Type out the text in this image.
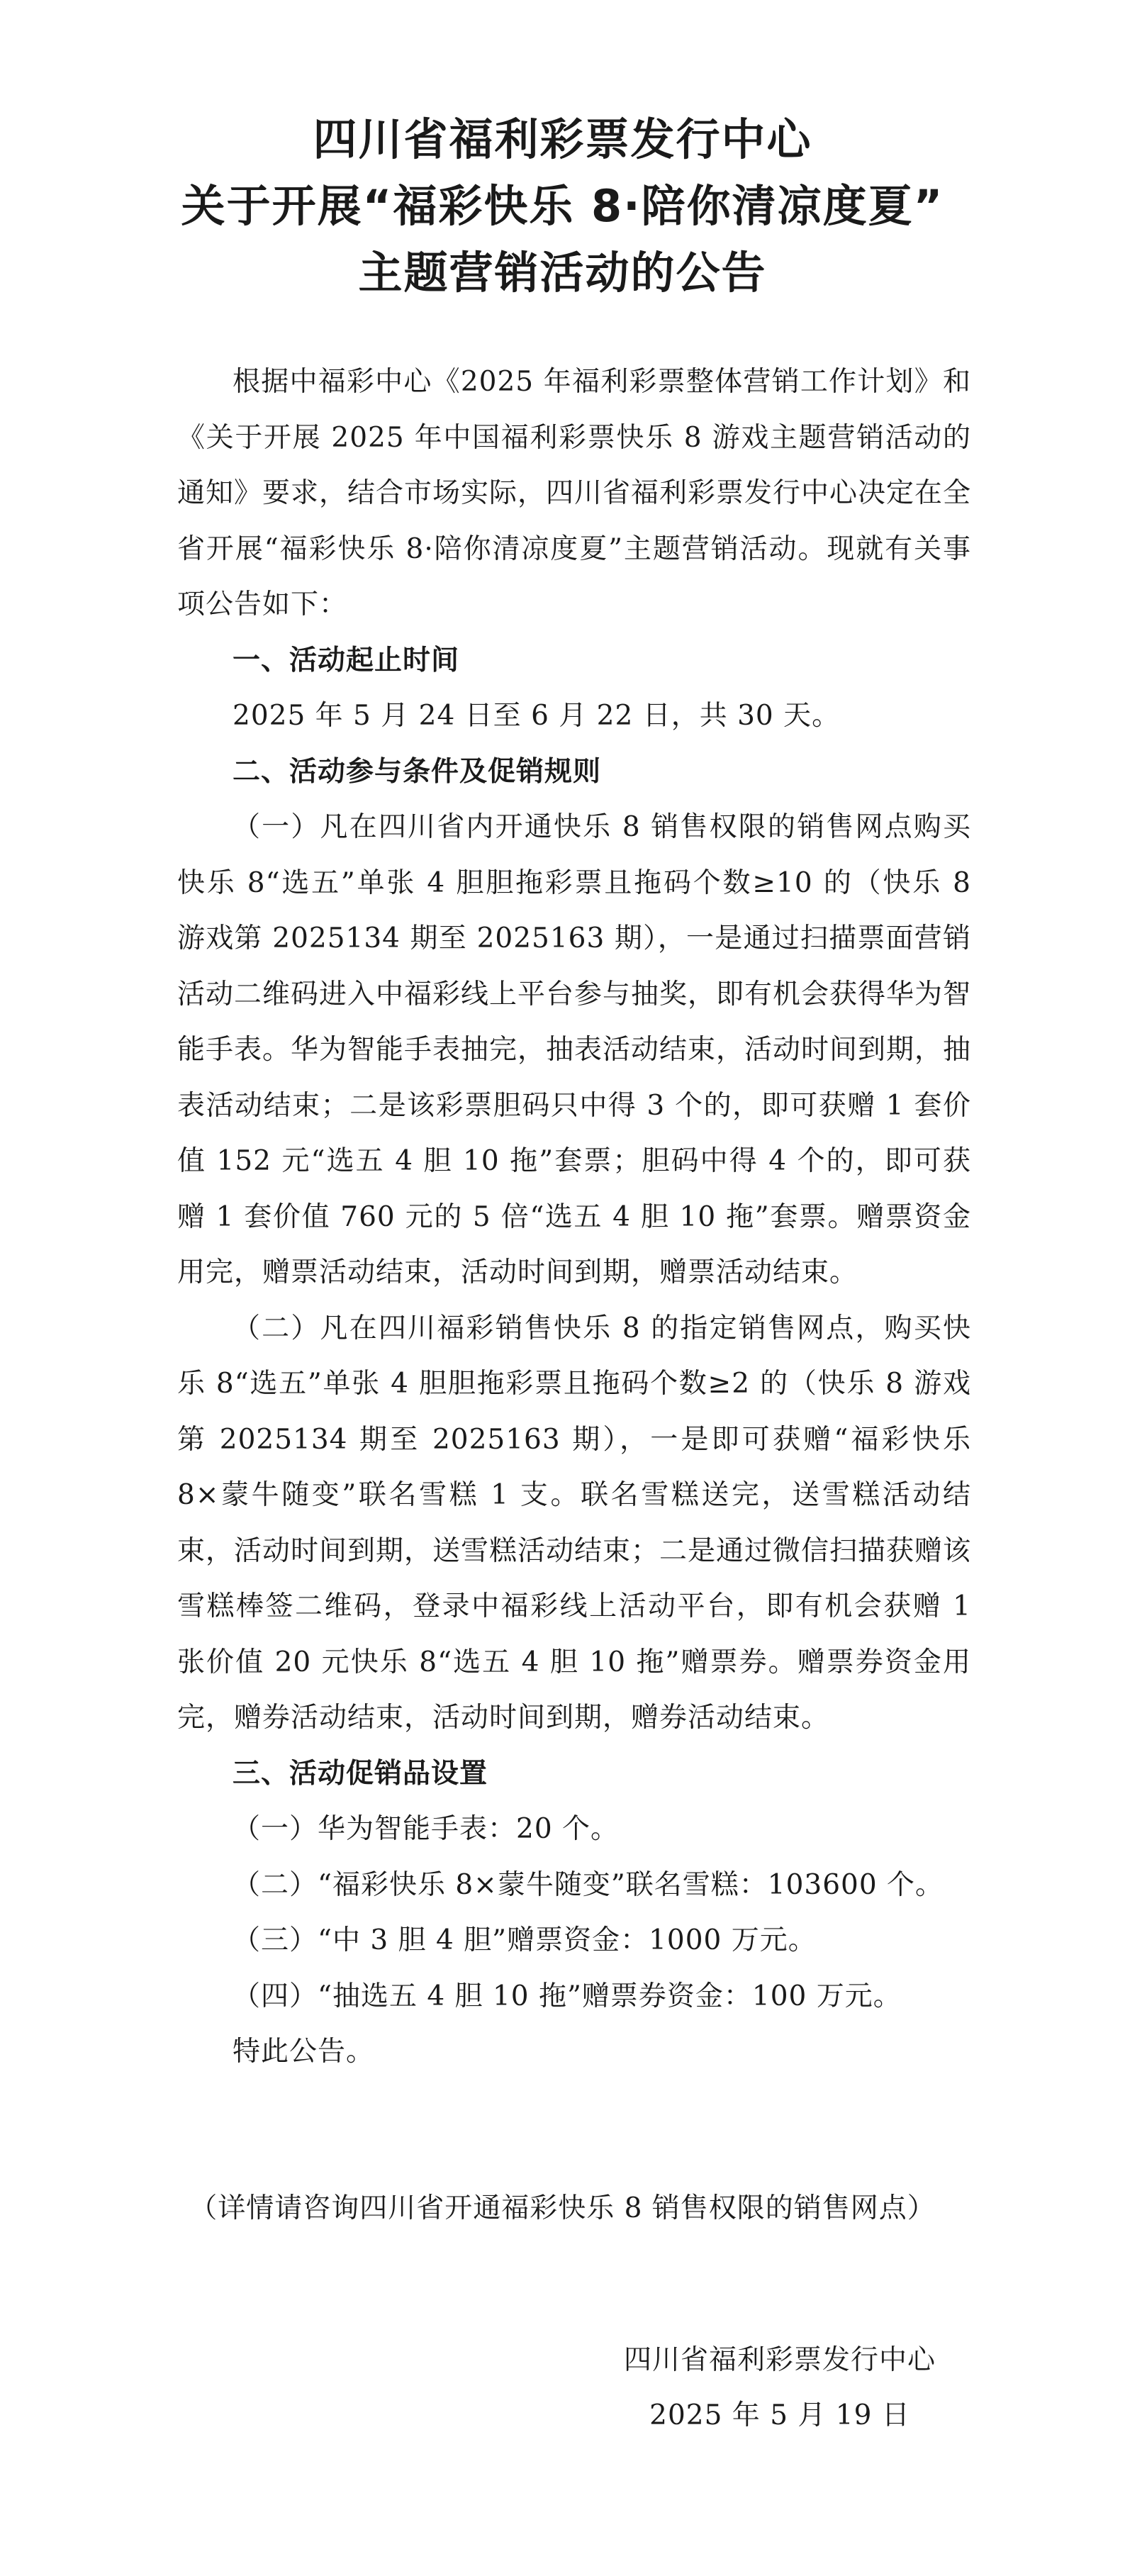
四川省福利彩票发行中心
关于开展“福彩快乐 8·陪你清凉度夏”
主题营销活动的公告

根据中福彩中心《2025 年福利彩票整体营销工作计划》和《关于开展 2025 年中国福利彩票快乐 8 游戏主题营销活动的通知》要求，结合市场实际，四川省福利彩票发行中心决定在全省开展“福彩快乐 8·陪你清凉度夏”主题营销活动。现就有关事项公告如下：

一、活动起止时间

2025 年 5 月 24 日至 6 月 22 日，共 30 天。

二、活动参与条件及促销规则

（一）凡在四川省内开通快乐 8 销售权限的销售网点购买快乐 8“选五”单张 4 胆胆拖彩票且拖码个数≥10 的（快乐 8 游戏第 2025134 期至 2025163 期），一是通过扫描票面营销活动二维码进入中福彩线上平台参与抽奖，即有机会获得华为智能手表。华为智能手表抽完，抽表活动结束，活动时间到期，抽表活动结束；二是该彩票胆码只中得 3 个的，即可获赠 1 套价值 152 元“选五 4 胆 10 拖”套票；胆码中得 4 个的，即可获赠 1 套价值 760 元的 5 倍“选五 4 胆 10 拖”套票。赠票资金用完，赠票活动结束，活动时间到期，赠票活动结束。

（二）凡在四川福彩销售快乐 8 的指定销售网点，购买快乐 8“选五”单张 4 胆胆拖彩票且拖码个数≥2 的（快乐 8 游戏第 2025134 期至 2025163 期），一是即可获赠“福彩快乐 8×蒙牛随变”联名雪糕 1 支。联名雪糕送完，送雪糕活动结束，活动时间到期，送雪糕活动结束；二是通过微信扫描获赠该雪糕棒签二维码，登录中福彩线上活动平台，即有机会获赠 1 张价值 20 元快乐 8“选五 4 胆 10 拖”赠票券。赠票券资金用完，赠券活动结束，活动时间到期，赠券活动结束。

三、活动促销品设置

（一）华为智能手表：20 个。

（二）“福彩快乐 8×蒙牛随变”联名雪糕：103600 个。

（三）“中 3 胆 4 胆”赠票资金：1000 万元。

（四）“抽选五 4 胆 10 拖”赠票券资金：100 万元。

特此公告。

（详情请咨询四川省开通福彩快乐 8 销售权限的销售网点）
四川省福利彩票发行中心
2025 年 5 月 19 日
